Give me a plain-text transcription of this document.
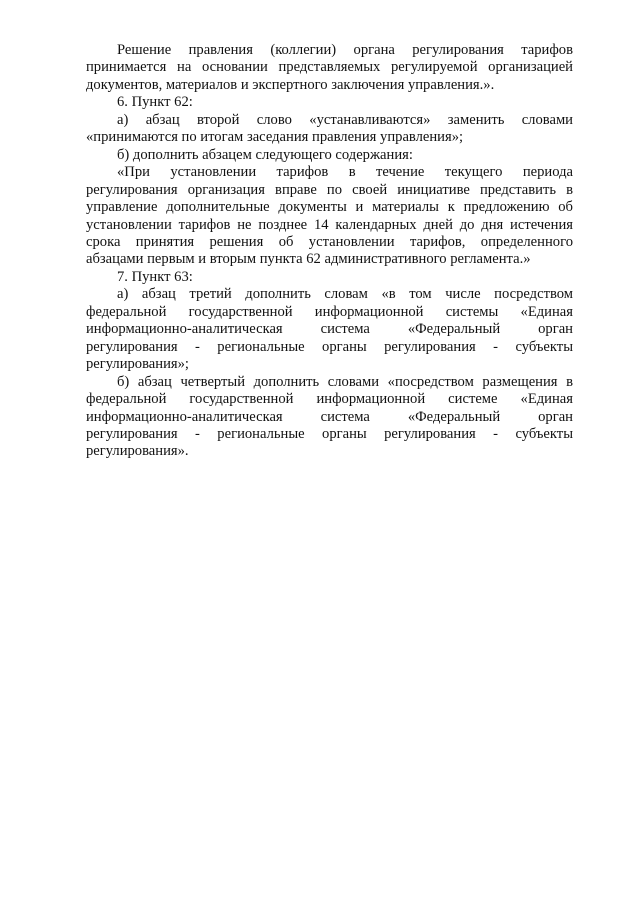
Решение правления (коллегии) органа регулирования тарифов
принимается на основании представляемых регулируемой организацией
документов, материалов и экспертного заключения управления.».
6. Пункт 62:
а) абзац второй слово «устанавливаются» заменить словами
«принимаются по итогам заседания правления управления»;
б) дополнить абзацем следующего содержания:
«При установлении тарифов в течение текущего периода
регулирования организация вправе по своей инициативе представить в
управление дополнительные документы и материалы к предложению об
установлении тарифов не позднее 14 календарных дней до дня истечения
срока принятия решения об установлении тарифов, определенного
абзацами первым и вторым пункта 62 административного регламента.»
7. Пункт 63:
а) абзац третий дополнить словам «в том числе посредством
федеральной государственной информационной системы «Единая
информационно-аналитическая система «Федеральный орган
регулирования - региональные органы регулирования - субъекты
регулирования»;
б) абзац четвертый дополнить словами «посредством размещения в
федеральной государственной информационной системе «Единая
информационно-аналитическая система «Федеральный орган
регулирования - региональные органы регулирования - субъекты
регулирования».
